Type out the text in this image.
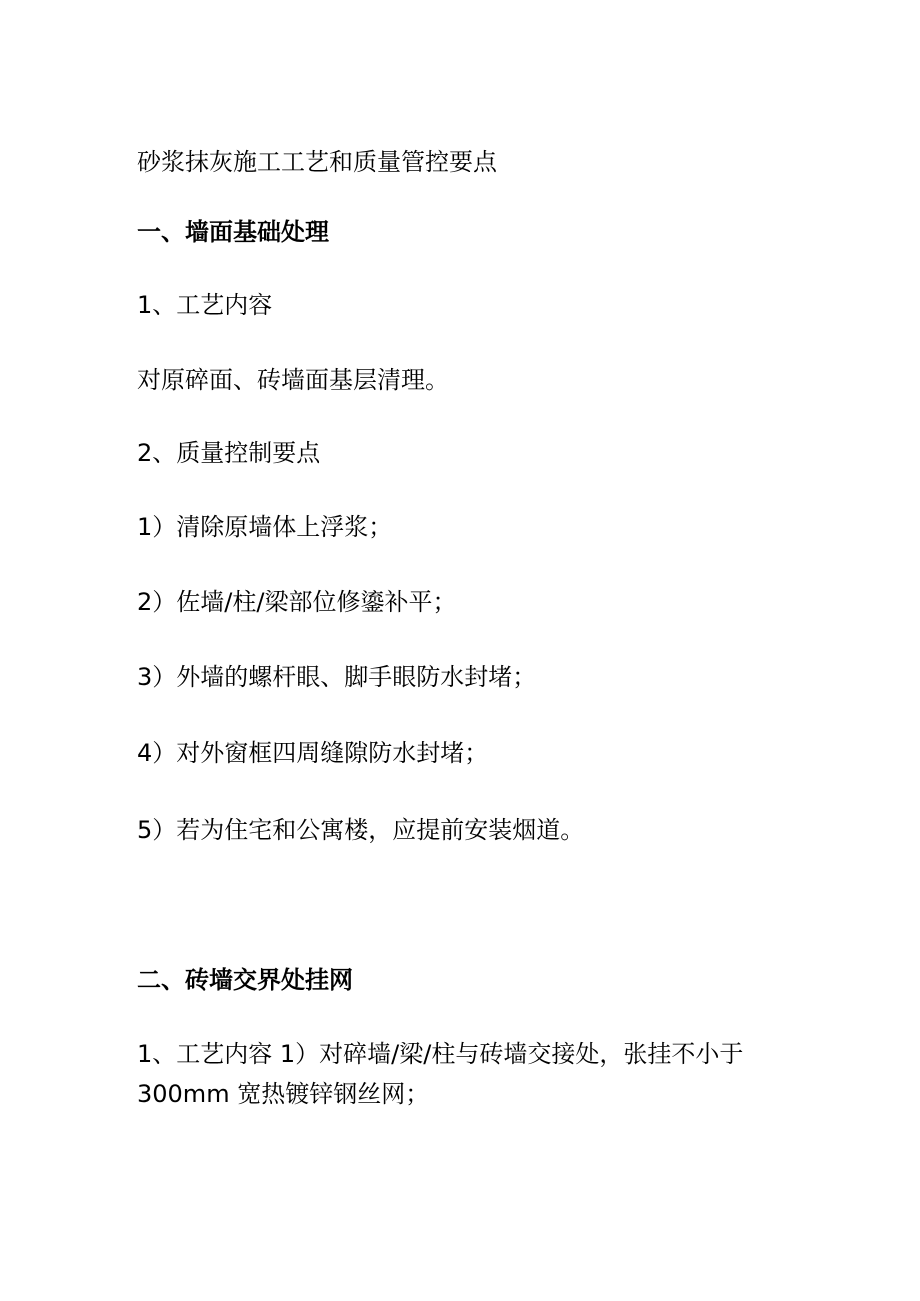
砂浆抹灰施工工艺和质量管控要点
一、墙面基础处理
1、工艺内容
对原碎面、砖墙面基层清理。
2、质量控制要点
1）清除原墙体上浮浆；
2）佐墙/柱/梁部位修鎏补平；
3）外墙的螺杆眼、脚手眼防水封堵；
4）对外窗框四周缝隙防水封堵；
5）若为住宅和公寓楼，应提前安装烟道。
二、砖墙交界处挂网
1、工艺内容 1）对碎墙/梁/柱与砖墙交接处，张挂不小于 300mm 宽热镀锌钢丝网；
